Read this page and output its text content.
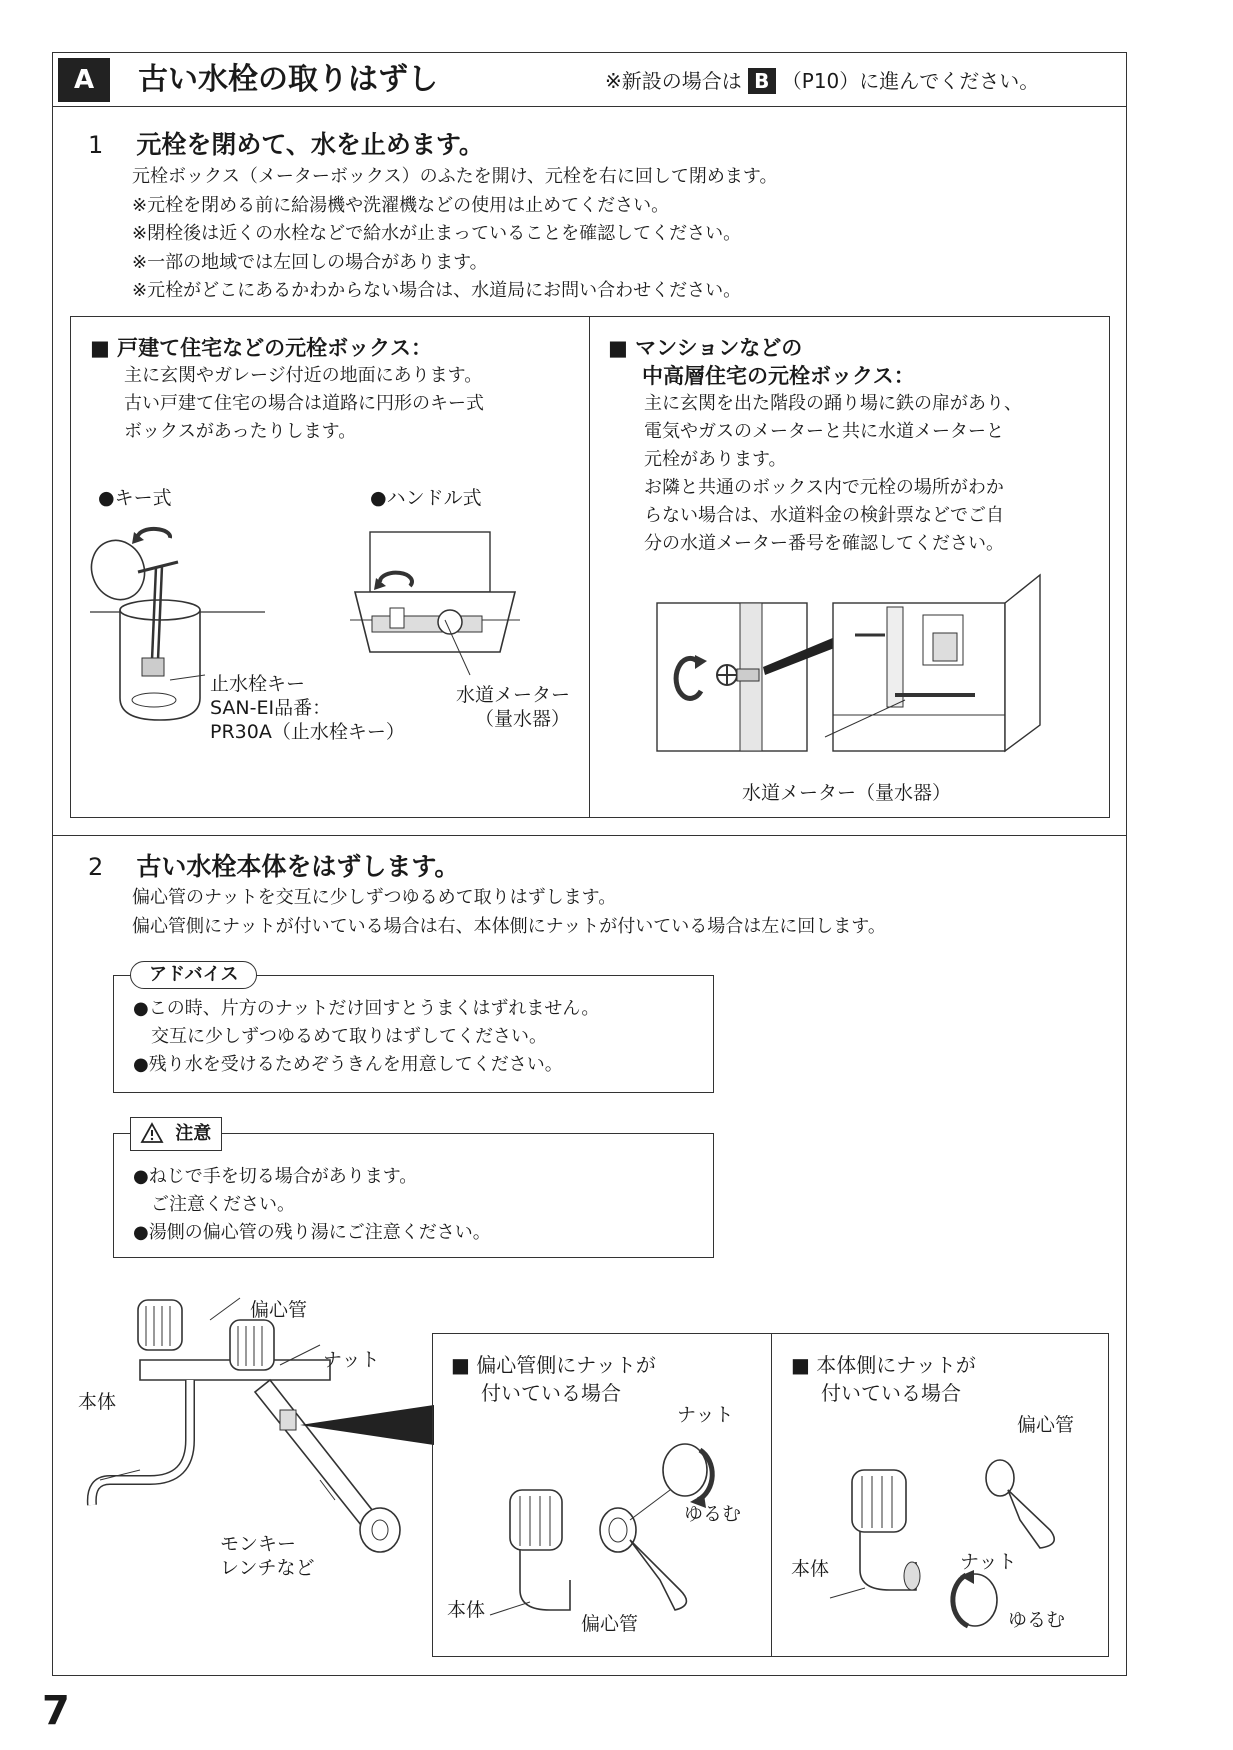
A	古い水栓の取りはずし	※新設の場合は B （P10）に進んでください。
1 元栓を閉めて、水を止めます。
元栓ボックス（メーターボックス）のふたを開け、元栓を右に回して閉めます。
※元栓を閉める前に給湯機や洗濯機などの使用は止めてください。
※閉栓後は近くの水栓などで給水が止まっていることを確認してください。
※一部の地域では左回しの場合があります。
※元栓がどこにあるかわからない場合は、水道局にお問い合わせください。
■ 戸建て住宅などの元栓ボックス：
主に玄関やガレージ付近の地面にあります。
古い戸建て住宅の場合は道路に円形のキー式
ボックスがあったりします。
●キー式	●ハンドル式
止水栓キー
SAN-EI品番：
PR30A（止水栓キー）
水道メーター
（量水器）
■ マンションなどの
中高層住宅の元栓ボックス：
主に玄関を出た階段の踊り場に鉄の扉があり、
電気やガスのメーターと共に水道メーターと
元栓があります。
お隣と共通のボックス内で元栓の場所がわか
らない場合は、水道料金の検針票などでご自
分の水道メーター番号を確認してください。
水道メーター（量水器）
2 古い水栓本体をはずします。
偏心管のナットを交互に少しずつゆるめて取りはずします。
偏心管側にナットが付いている場合は右、本体側にナットが付いている場合は左に回します。
アドバイス
●この時、片方のナットだけ回すとうまくはずれません。
　交互に少しずつゆるめて取りはずしてください。
●残り水を受けるためぞうきんを用意してください。
注意
●ねじで手を切る場合があります。
　ご注意ください。
●湯側の偏心管の残り湯にご注意ください。
偏心管
ナット
本体
モンキー
レンチなど
■ 偏心管側にナットが
付いている場合
ナット
ゆるむ
本体
偏心管
■ 本体側にナットが
付いている場合
偏心管
ナット
ゆるむ
本体
7
